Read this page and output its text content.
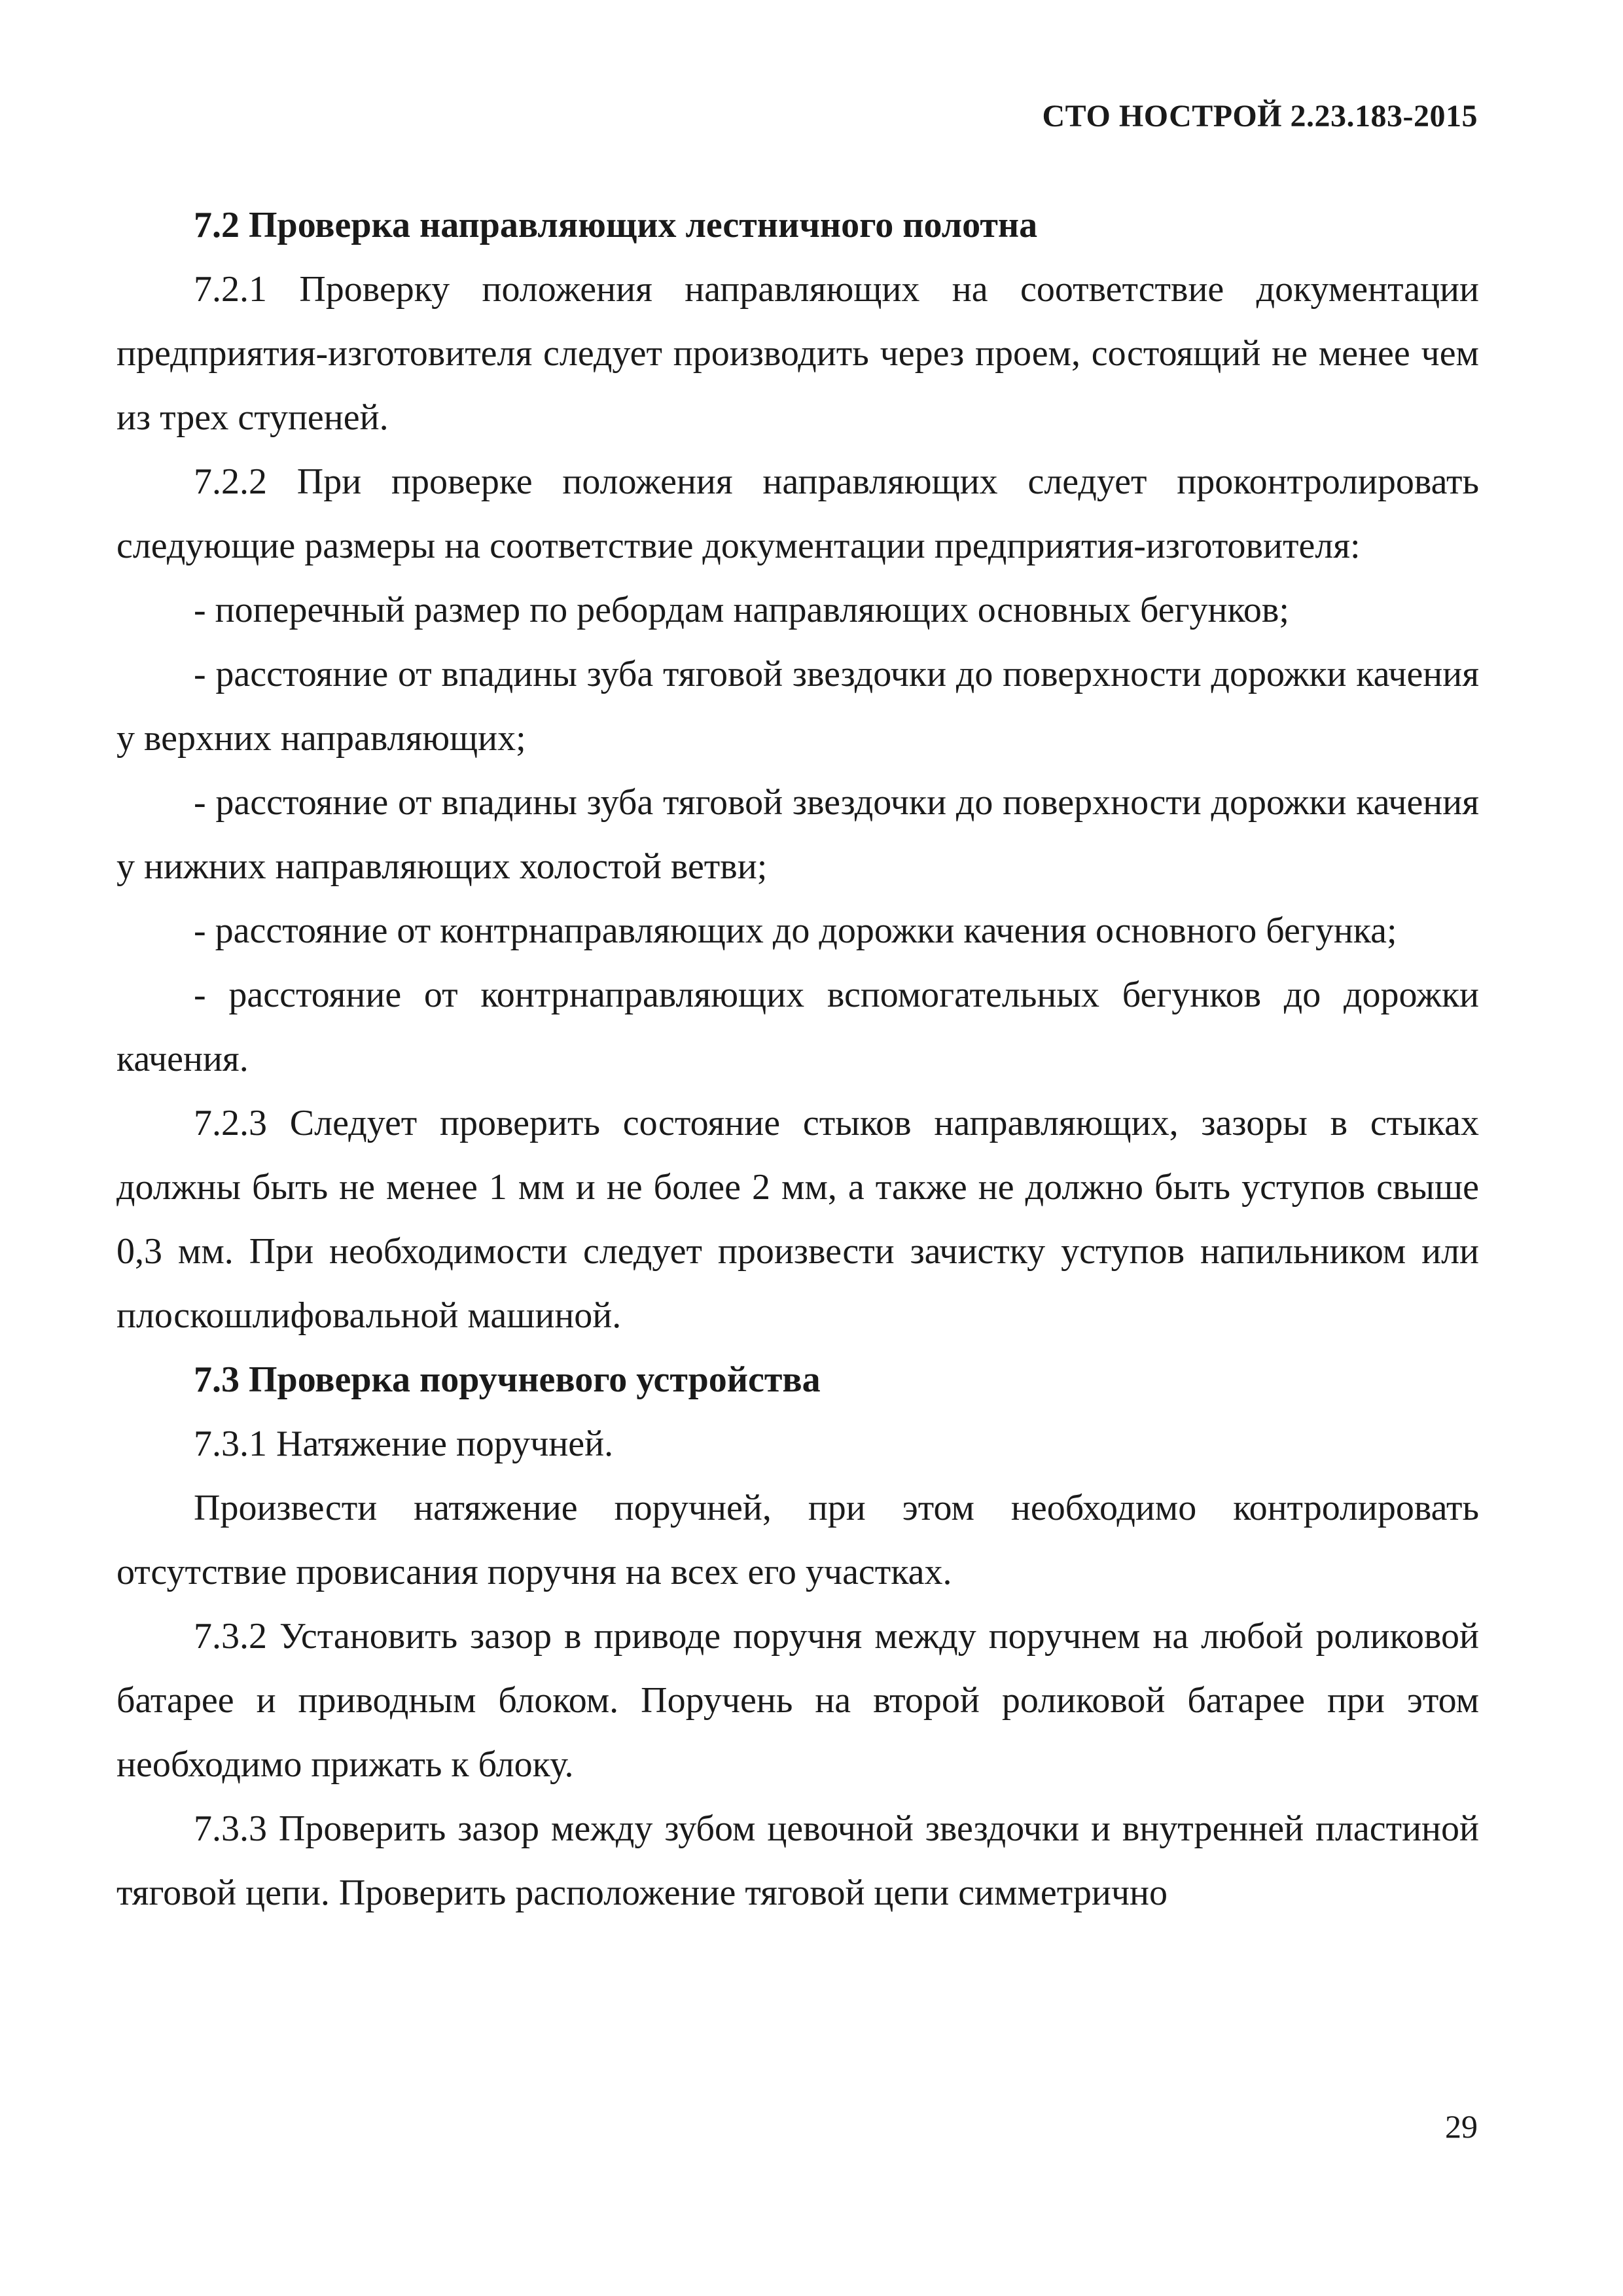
СТО НОСТРОЙ 2.23.183-2015
7.2 Проверка направляющих лестничного полотна

7.2.1 Проверку положения направляющих на соответствие документации предприятия-изготовителя следует производить через проем, состоящий не менее чем из трех ступеней.

7.2.2 При проверке положения направляющих следует проконтролировать следующие размеры на соответствие документации предприятия-изготовителя:

- поперечный размер по ребордам направляющих основных бегунков;

- расстояние от впадины зуба тяговой звездочки до поверхности дорожки качения у верхних направляющих;

- расстояние от впадины зуба тяговой звездочки до поверхности дорожки качения у нижних направляющих холостой ветви;

- расстояние от контрнаправляющих до дорожки качения основного бегунка;

- расстояние от контрнаправляющих вспомогательных бегунков до дорожки качения.

7.2.3 Следует проверить состояние стыков направляющих, зазоры в стыках должны быть не менее 1 мм и не более 2 мм, а также не должно быть уступов свыше 0,3 мм. При необходимости следует произвести зачистку уступов напильником или плоскошлифовальной машиной.

7.3 Проверка поручневого устройства

7.3.1 Натяжение поручней.

Произвести натяжение поручней, при этом необходимо контролировать отсутствие провисания поручня на всех его участках.

7.3.2 Установить зазор в приводе поручня между поручнем на любой роликовой батарее и приводным блоком. Поручень на второй роликовой батарее при этом необходимо прижать к блоку.

7.3.3 Проверить зазор между зубом цевочной звездочки и внутренней пластиной тяговой цепи. Проверить расположение тяговой цепи симметрично

29
